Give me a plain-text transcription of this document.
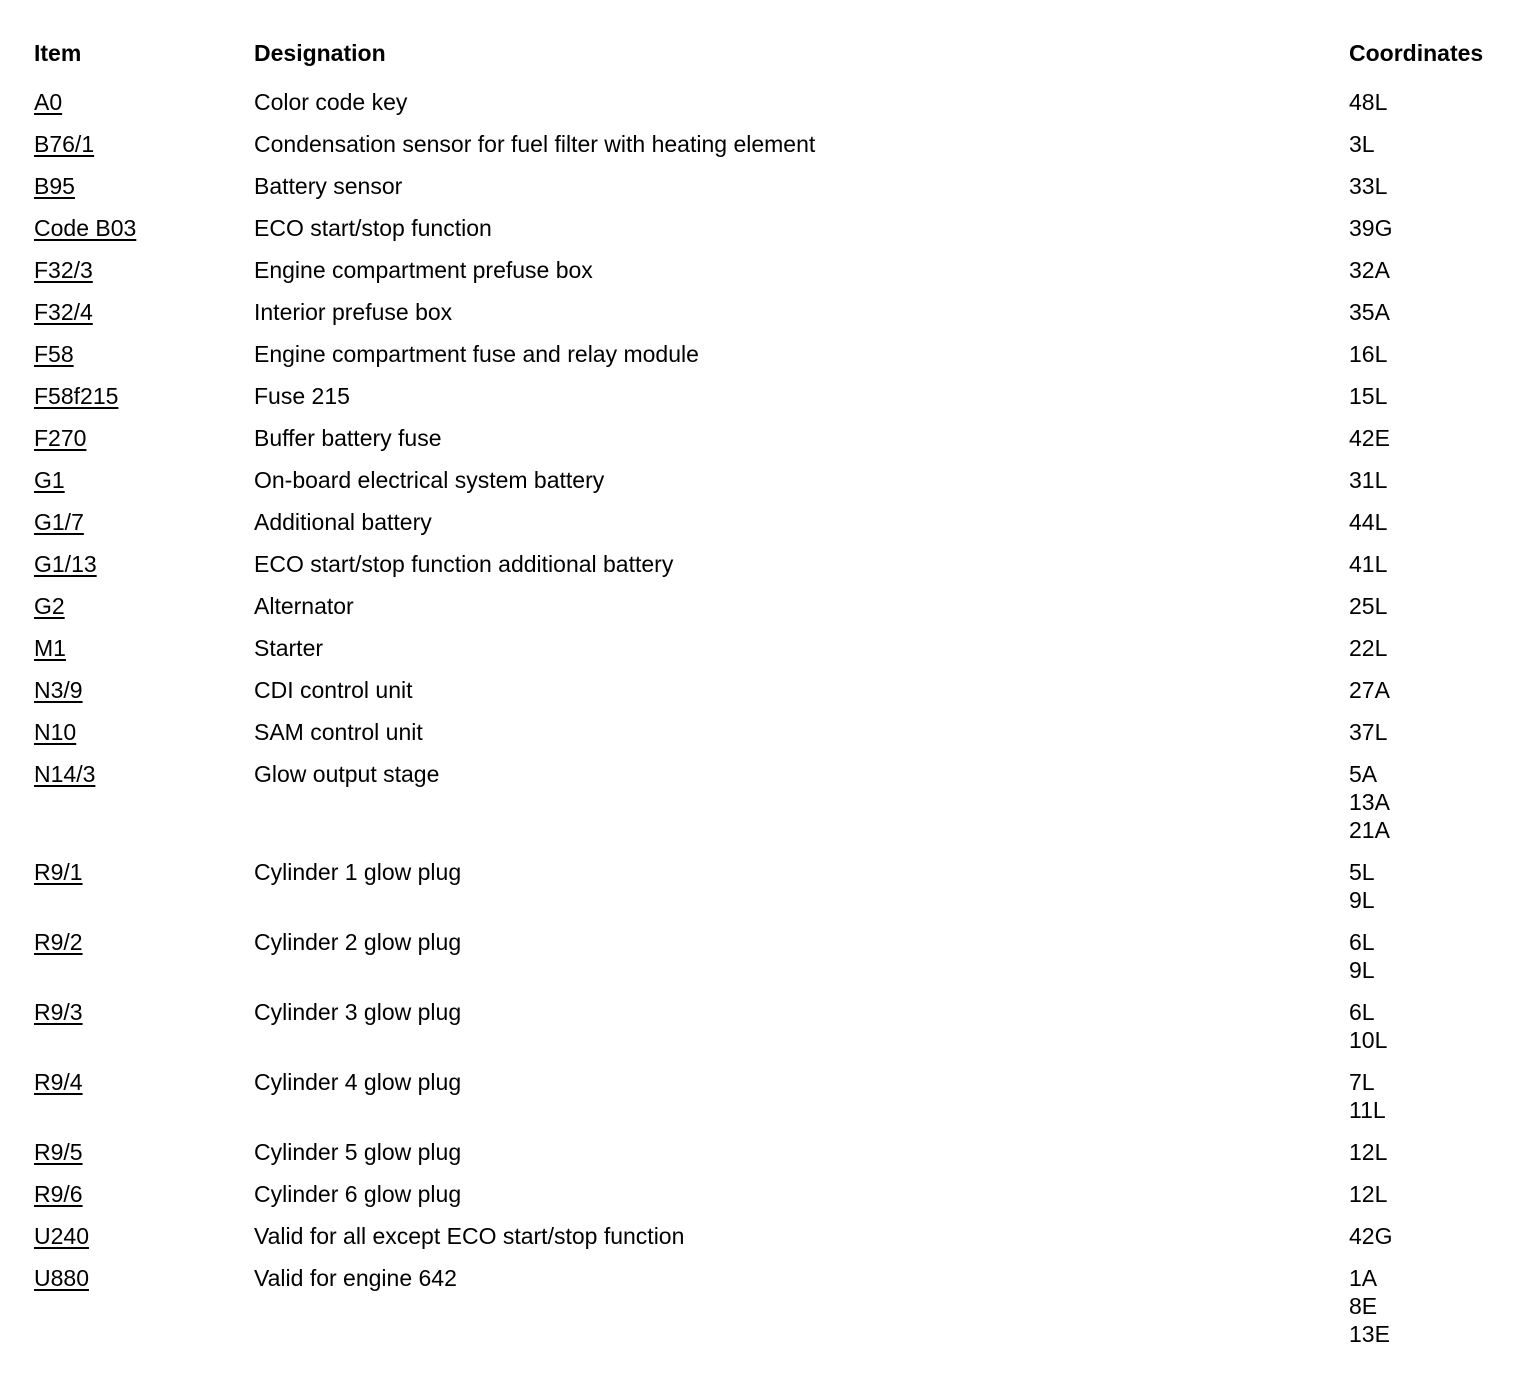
Item	Designation	Coordinates
A0	Color code key	48L
B76/1	Condensation sensor for fuel filter with heating element	3L
B95	Battery sensor	33L
Code B03	ECO start/stop function	39G
F32/3	Engine compartment prefuse box	32A
F32/4	Interior prefuse box	35A
F58	Engine compartment fuse and relay module	16L
F58f215	Fuse 215	15L
F270	Buffer battery fuse	42E
G1	On-board electrical system battery	31L
G1/7	Additional battery	44L
G1/13	ECO start/stop function additional battery	41L
G2	Alternator	25L
M1	Starter	22L
N3/9	CDI control unit	27A
N10	SAM control unit	37L
N14/3	Glow output stage	5A
13A
21A
R9/1	Cylinder 1 glow plug	5L
9L
R9/2	Cylinder 2 glow plug	6L
9L
R9/3	Cylinder 3 glow plug	6L
10L
R9/4	Cylinder 4 glow plug	7L
11L
R9/5	Cylinder 5 glow plug	12L
R9/6	Cylinder 6 glow plug	12L
U240	Valid for all except ECO start/stop function	42G
U880	Valid for engine 642	1A
8E
13E
